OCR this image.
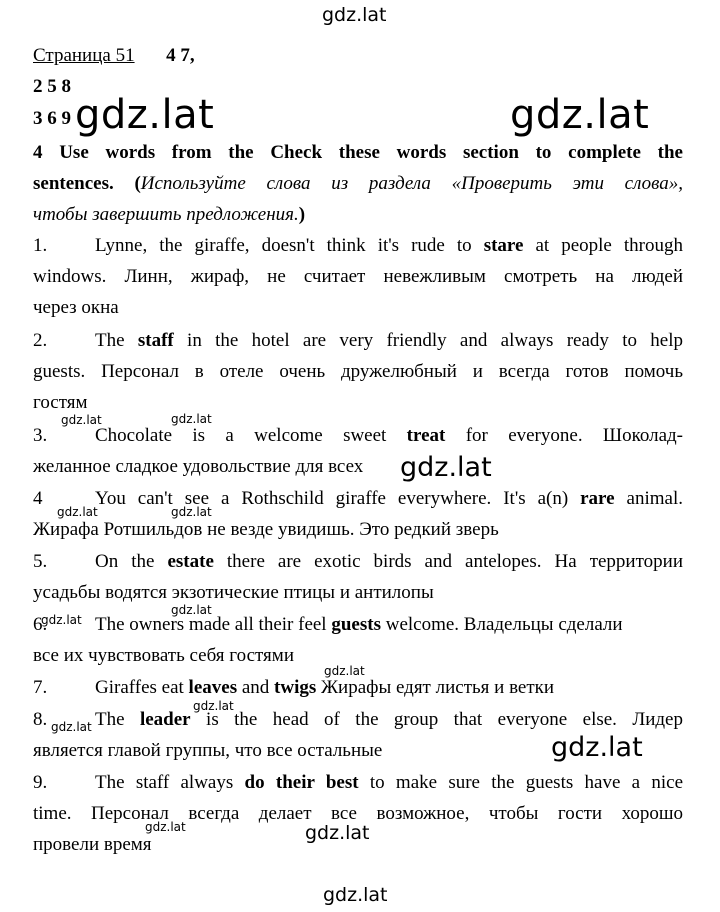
gdz.lat
gdz.lat	gdz.lat
gdz.lat	gdz.lat
gdz.lat
gdz.lat	gdz.lat
gdz.lat
gdz.lat
gdz.lat
gdz.lat
gdz.lat
gdz.lat
gdz.lat
gdz.lat
gdz.lat
Страница 51 4 7,
2 5 8
3 6 9
4 Use words from the Check these words section to complete the
sentences. (Используйте слова из раздела «Проверить эти слова»,
чтобы завершить предложения.)
1.	Lynne, the giraffe, doesn't think it's rude to stare at people through
windows. Линн, жираф, не считает невежливым смотреть на людей
через окна
2.	The staff in the hotel are very friendly and always ready to help
guests. Персонал в отеле очень дружелюбный и всегда готов помочь
гостям
3.	Chocolate is a welcome sweet treat for everyone. Шоколад-
желанное сладкое удовольствие для всех
4	You can't see a Rothschild giraffe everywhere. It's a(n) rare animal.
Жирафа Ротшильдов не везде увидишь. Это редкий зверь
5.	On the estate there are exotic birds and antelopes. На территории
усадьбы водятся экзотические птицы и антилопы
6.	The owners made all their feel guests welcome. Владельцы сделали
все их чувствовать себя гостями
7.	Giraffes eat leaves and twigs Жирафы едят листья и ветки
8.	The leader is the head of the group that everyone else. Лидер
является главой группы, что все остальные
9.	The staff always do their best to make sure the guests have a nice
time. Персонал всегда делает все возможное, чтобы гости хорошо
провели время
